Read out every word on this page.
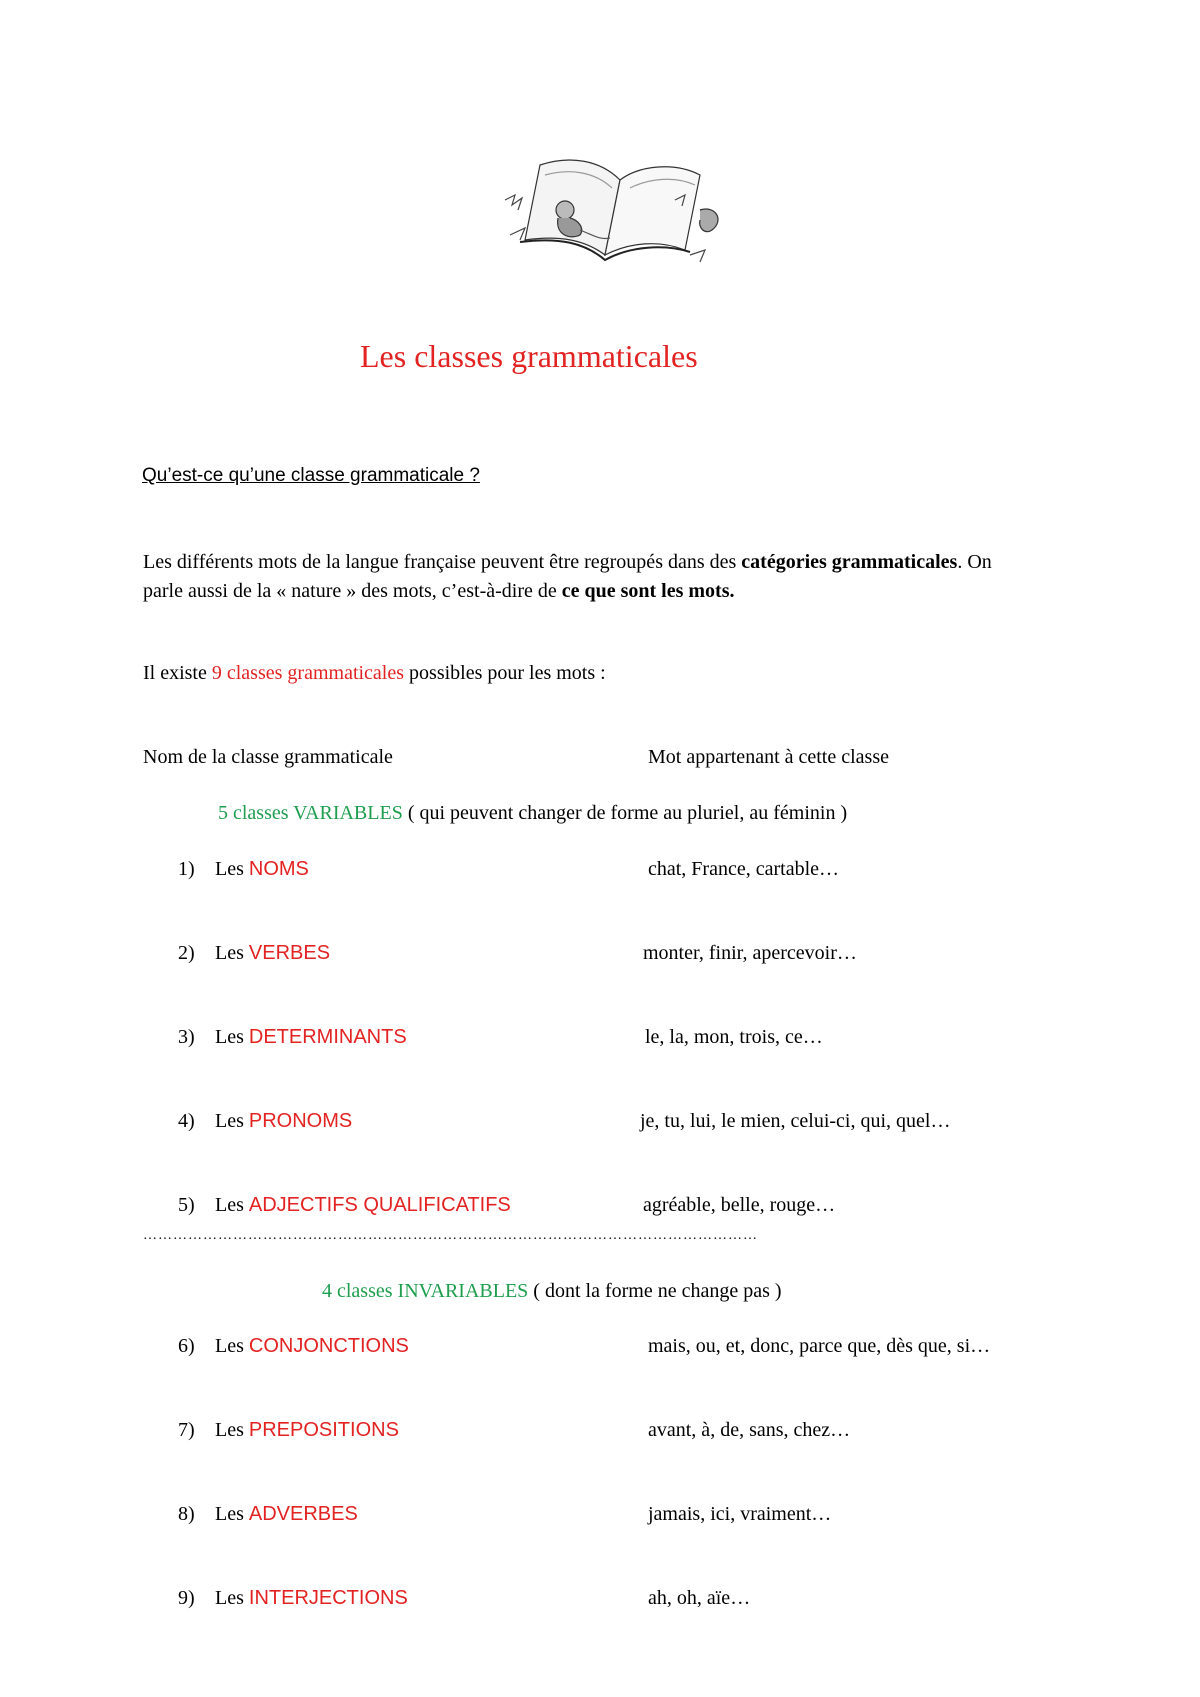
Les classes grammaticales
Qu’est-ce qu’une classe grammaticale ?
Les différents mots de la langue française peuvent être regroupés dans des catégories grammaticales. On parle aussi de la « nature » des mots, c’est-à-dire de ce que sont les mots.
Il existe 9 classes grammaticales possibles pour les mots :
Nom de la classe grammaticale	Mot appartenant à cette classe
5 classes VARIABLES ( qui peuvent changer de forme au pluriel, au féminin )
1) Les NOMS	chat, France, cartable…
2) Les VERBES	monter, finir, apercevoir…
3) Les DETERMINANTS	le, la, mon, trois, ce…
4) Les PRONOMS	je, tu, lui, le mien, celui-ci, qui, quel…
5) Les ADJECTIFS QUALIFICATIFS	agréable, belle, rouge…
……………………………………………………………………………………………………………
4 classes INVARIABLES ( dont la forme ne change pas )
6) Les CONJONCTIONS	mais, ou, et, donc, parce que, dès que, si…
7) Les PREPOSITIONS	avant, à, de, sans, chez…
8) Les ADVERBES	jamais, ici, vraiment…
9) Les INTERJECTIONS	ah, oh, aïe…
